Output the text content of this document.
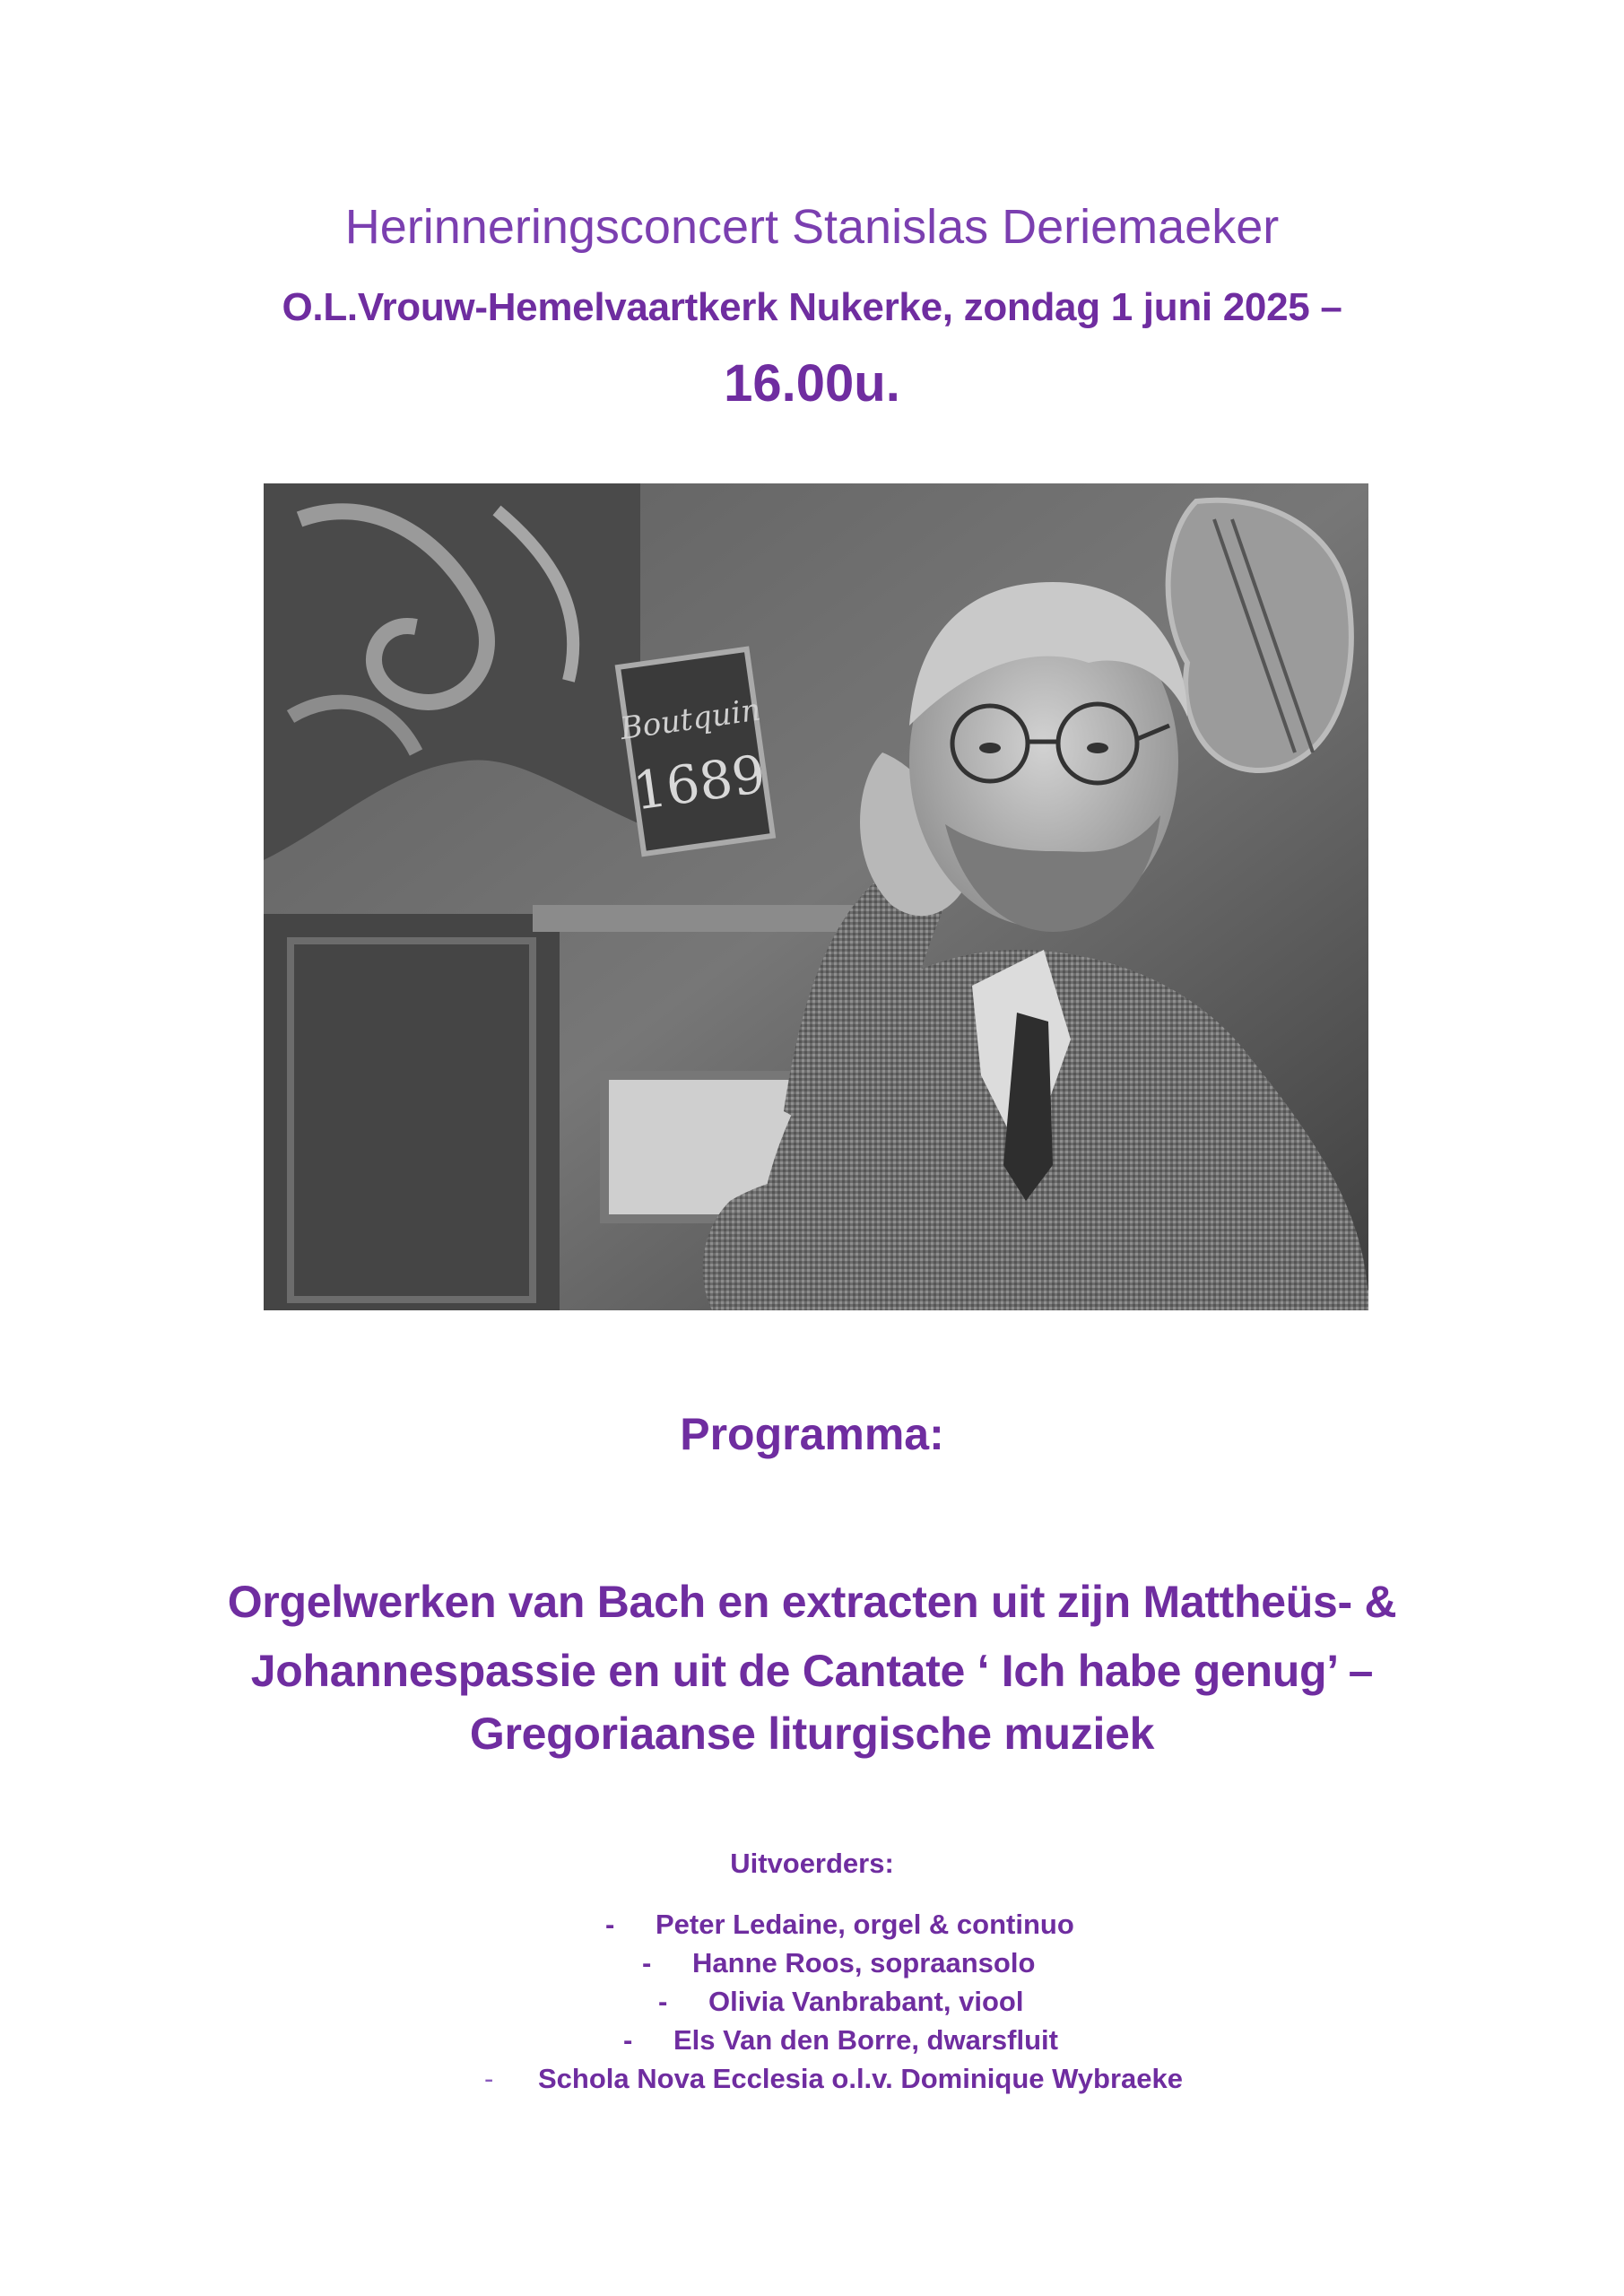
Herinneringsconcert Stanislas Deriemaeker
O.L.Vrouw-Hemelvaartkerk Nukerke, zondag 1 juni 2025 –
16.00u.
Boutquin
1689
Programma:
Orgelwerken van Bach en extracten uit zijn Mattheüs- &
Johannespassie en uit de Cantate ‘ Ich habe genug’ –
Gregoriaanse liturgische muziek
Uitvoerders:
- Peter Ledaine, orgel & continuo
- Hanne Roos, sopraansolo
- Olivia Vanbrabant, viool
- Els Van den Borre, dwarsfluit
- Schola Nova Ecclesia o.l.v. Dominique Wybraeke
